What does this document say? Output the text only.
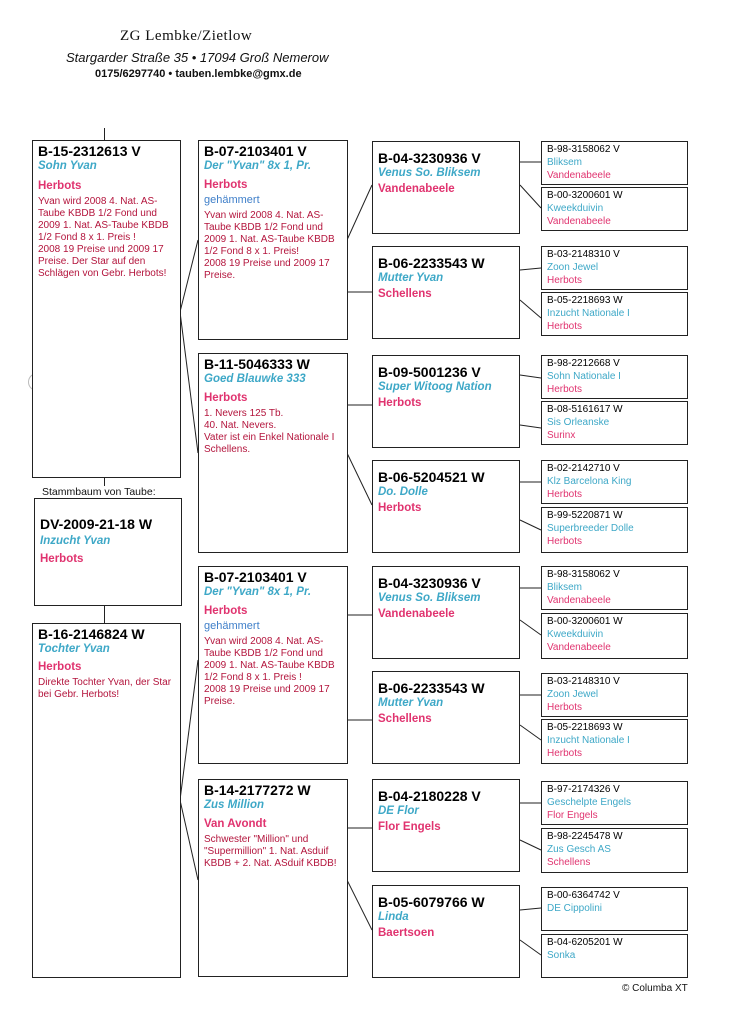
ZG Lembke/Zietlow
Stargarder Straße 35 • 17094 Groß Nemerow
0175/6297740 • tauben.lembke@gmx.de
B-15-2312613 V
Sohn Yvan
Herbots
Yvan wird 2008 4. Nat. AS-Taube KBDB 1/2 Fond und 2009 1. Nat. AS-Taube KBDB 1/2 Fond 8 x 1. Preis !
2008 19 Preise und 2009 17 Preise. Der Star auf den Schlägen von Gebr. Herbots!
Stammbaum von Taube:
DV-2009-21-18 W
Inzucht Yvan
Herbots
B-16-2146824 W
Tochter Yvan
Herbots
Direkte Tochter Yvan, der Star bei Gebr. Herbots!
B-07-2103401 V
Der "Yvan" 8x 1, Pr.
Herbots
gehämmert
Yvan wird 2008 4. Nat. AS-Taube KBDB 1/2 Fond und 2009 1. Nat. AS-Taube KBDB 1/2 Fond 8 x 1. Preis!
2008 19 Preise und 2009 17 Preise.
B-11-5046333 W
Goed Blauwke 333
Herbots
1. Nevers 125 Tb.
40. Nat. Nevers.
Vater ist ein Enkel Nationale I Schellens.
B-07-2103401 V
Der "Yvan" 8x 1, Pr.
Herbots
gehämmert
Yvan wird 2008 4. Nat. AS-Taube KBDB 1/2 Fond und 2009 1. Nat. AS-Taube KBDB 1/2 Fond 8 x 1. Preis !
2008 19 Preise und 2009 17 Preise.
B-14-2177272 W
Zus Million
Van Avondt
Schwester "Million" und "Supermillion" 1. Nat. Asduif KBDB + 2. Nat. ASduif KBDB!
B-04-3230936 V
Venus So. Bliksem
Vandenabeele
B-06-2233543 W
Mutter Yvan
Schellens
B-09-5001236 V
Super Witoog Nation
Herbots
B-06-5204521 W
Do. Dolle
Herbots
B-04-3230936 V
Venus So. Bliksem
Vandenabeele
B-06-2233543 W
Mutter Yvan
Schellens
B-04-2180228 V
DE Flor
Flor Engels
B-05-6079766 W
Linda
Baertsoen
B-98-3158062 V
Bliksem
Vandenabeele
B-00-3200601 W
Kweekduivin
Vandenabeele
B-03-2148310 V
Zoon Jewel
Herbots
B-05-2218693 W
Inzucht Nationale I
Herbots
B-98-2212668 V
Sohn Nationale I
Herbots
B-08-5161617 W
Sis Orleanske
Surinx
B-02-2142710 V
Klz Barcelona King
Herbots
B-99-5220871 W
Superbreeder Dolle
Herbots
B-98-3158062 V
Bliksem
Vandenabeele
B-00-3200601 W
Kweekduivin
Vandenabeele
B-03-2148310 V
Zoon Jewel
Herbots
B-05-2218693 W
Inzucht Nationale I
Herbots
B-97-2174326 V
Geschelpte Engels
Flor Engels
B-98-2245478 W
Zus Gesch AS
Schellens
B-00-6364742 V
DE Cippolini
B-04-6205201 W
Sonka
© Columba XT
